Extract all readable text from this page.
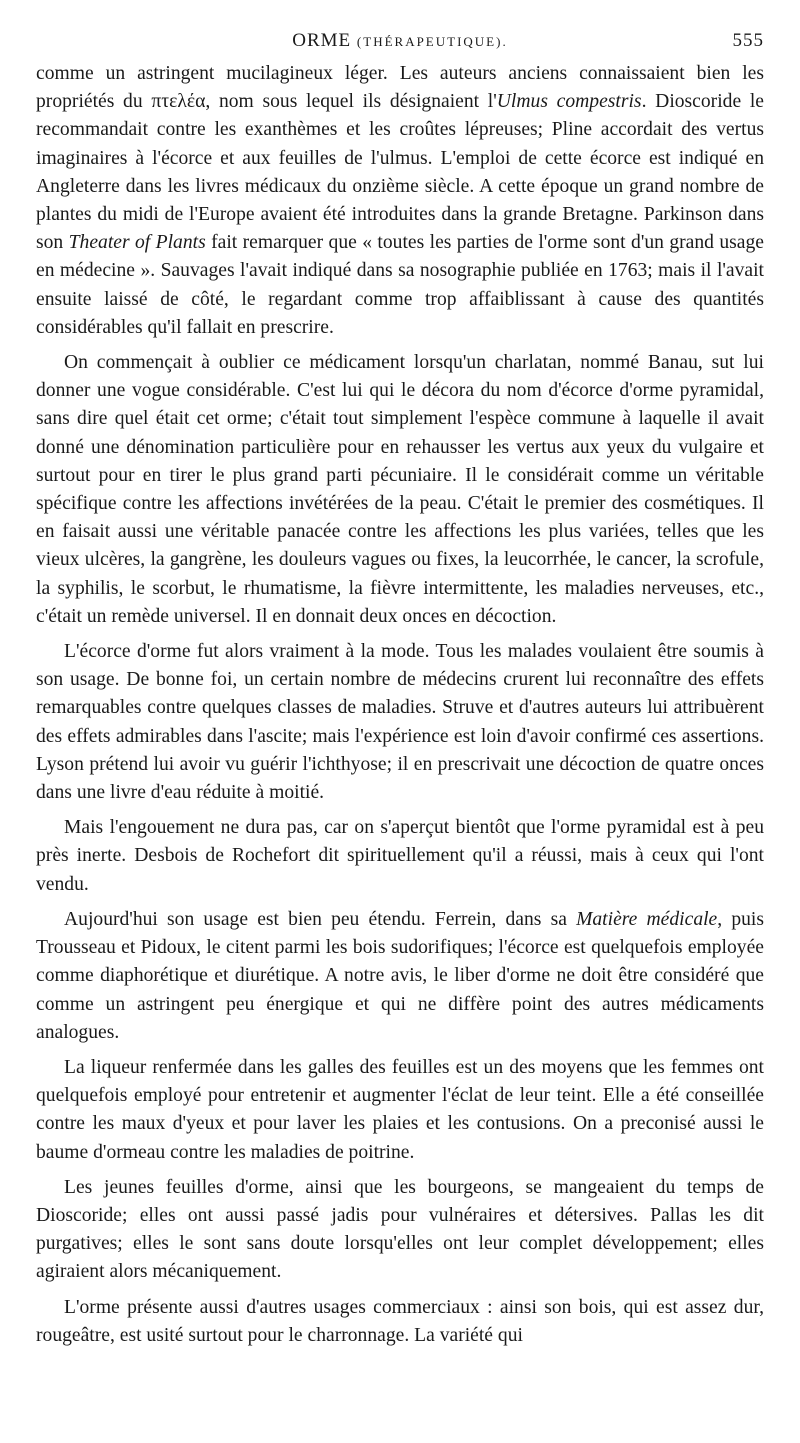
ORME (THÉRAPEUTIQUE).	555

comme un astringent mucilagineux léger. Les auteurs anciens connaissaient bien les propriétés du πτελέα, nom sous lequel ils désignaient l'Ulmus compestris. Dioscoride le recommandait contre les exanthèmes et les croûtes lépreuses; Pline accordait des vertus imaginaires à l'écorce et aux feuilles de l'ulmus. L'emploi de cette écorce est indiqué en Angleterre dans les livres médicaux du onzième siècle. A cette époque un grand nombre de plantes du midi de l'Europe avaient été introduites dans la grande Bretagne. Parkinson dans son Theater of Plants fait remarquer que « toutes les parties de l'orme sont d'un grand usage en médecine ». Sauvages l'avait indiqué dans sa nosographie publiée en 1763; mais il l'avait ensuite laissé de côté, le regardant comme trop affaiblissant à cause des quantités considérables qu'il fallait en prescrire.

On commençait à oublier ce médicament lorsqu'un charlatan, nommé Banau, sut lui donner une vogue considérable. C'est lui qui le décora du nom d'écorce d'orme pyramidal, sans dire quel était cet orme; c'était tout simplement l'espèce commune à laquelle il avait donné une dénomination particulière pour en rehausser les vertus aux yeux du vulgaire et surtout pour en tirer le plus grand parti pécuniaire. Il le considérait comme un véritable spécifique contre les affections invétérées de la peau. C'était le premier des cosmétiques. Il en faisait aussi une véritable panacée contre les affections les plus variées, telles que les vieux ulcères, la gangrène, les douleurs vagues ou fixes, la leucorrhée, le cancer, la scrofule, la syphilis, le scorbut, le rhumatisme, la fièvre intermittente, les maladies nerveuses, etc., c'était un remède universel. Il en donnait deux onces en décoction.

L'écorce d'orme fut alors vraiment à la mode. Tous les malades voulaient être soumis à son usage. De bonne foi, un certain nombre de médecins crurent lui reconnaître des effets remarquables contre quelques classes de maladies. Struve et d'autres auteurs lui attribuèrent des effets admirables dans l'ascite; mais l'expérience est loin d'avoir confirmé ces assertions. Lyson prétend lui avoir vu guérir l'ichthyose; il en prescrivait une décoction de quatre onces dans une livre d'eau réduite à moitié.

Mais l'engouement ne dura pas, car on s'aperçut bientôt que l'orme pyramidal est à peu près inerte. Desbois de Rochefort dit spirituellement qu'il a réussi, mais à ceux qui l'ont vendu.

Aujourd'hui son usage est bien peu étendu. Ferrein, dans sa Matière médicale, puis Trousseau et Pidoux, le citent parmi les bois sudorifiques; l'écorce est quelquefois employée comme diaphorétique et diurétique. A notre avis, le liber d'orme ne doit être considéré que comme un astringent peu énergique et qui ne diffère point des autres médicaments analogues.

La liqueur renfermée dans les galles des feuilles est un des moyens que les femmes ont quelquefois employé pour entretenir et augmenter l'éclat de leur teint. Elle a été conseillée contre les maux d'yeux et pour laver les plaies et les contusions. On a preconisé aussi le baume d'ormeau contre les maladies de poitrine.

Les jeunes feuilles d'orme, ainsi que les bourgeons, se mangeaient du temps de Dioscoride; elles ont aussi passé jadis pour vulnéraires et détersives. Pallas les dit purgatives; elles le sont sans doute lorsqu'elles ont leur complet développement; elles agiraient alors mécaniquement.

L'orme présente aussi d'autres usages commerciaux : ainsi son bois, qui est assez dur, rougeâtre, est usité surtout pour le charronnage. La variété qui
